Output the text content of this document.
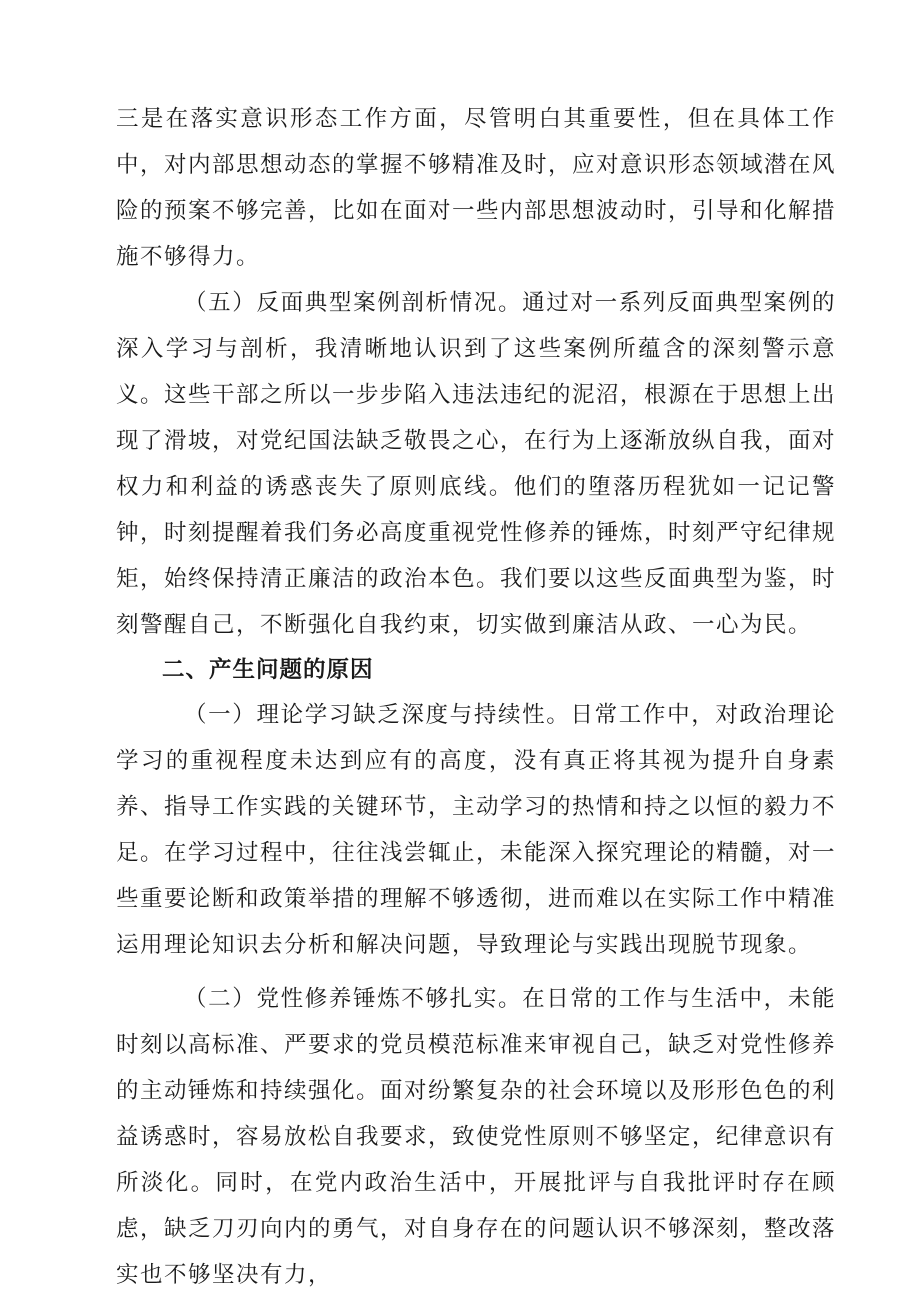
三是在落实意识形态工作方面，尽管明白其重要性，但在具体工作中，对内部思想动态的掌握不够精准及时，应对意识形态领域潜在风险的预案不够完善，比如在面对一些内部思想波动时，引导和化解措施不够得力。

（五）反面典型案例剖析情况。通过对一系列反面典型案例的深入学习与剖析，我清晰地认识到了这些案例所蕴含的深刻警示意义。这些干部之所以一步步陷入违法违纪的泥沼，根源在于思想上出现了滑坡，对党纪国法缺乏敬畏之心，在行为上逐渐放纵自我，面对权力和利益的诱惑丧失了原则底线。他们的堕落历程犹如一记记警钟，时刻提醒着我们务必高度重视党性修养的锤炼，时刻严守纪律规矩，始终保持清正廉洁的政治本色。我们要以这些反面典型为鉴，时刻警醒自己，不断强化自我约束，切实做到廉洁从政、一心为民。

二、产生问题的原因

（一）理论学习缺乏深度与持续性。日常工作中，对政治理论学习的重视程度未达到应有的高度，没有真正将其视为提升自身素养、指导工作实践的关键环节，主动学习的热情和持之以恒的毅力不足。在学习过程中，往往浅尝辄止，未能深入探究理论的精髓，对一些重要论断和政策举措的理解不够透彻，进而难以在实际工作中精准运用理论知识去分析和解决问题，导致理论与实践出现脱节现象。

（二）党性修养锤炼不够扎实。在日常的工作与生活中，未能时刻以高标准、严要求的党员模范标准来审视自己，缺乏对党性修养的主动锤炼和持续强化。面对纷繁复杂的社会环境以及形形色色的利益诱惑时，容易放松自我要求，致使党性原则不够坚定，纪律意识有所淡化。同时，在党内政治生活中，开展批评与自我批评时存在顾虑，缺乏刀刃向内的勇气，对自身存在的问题认识不够深刻，整改落实也不够坚决有力，
